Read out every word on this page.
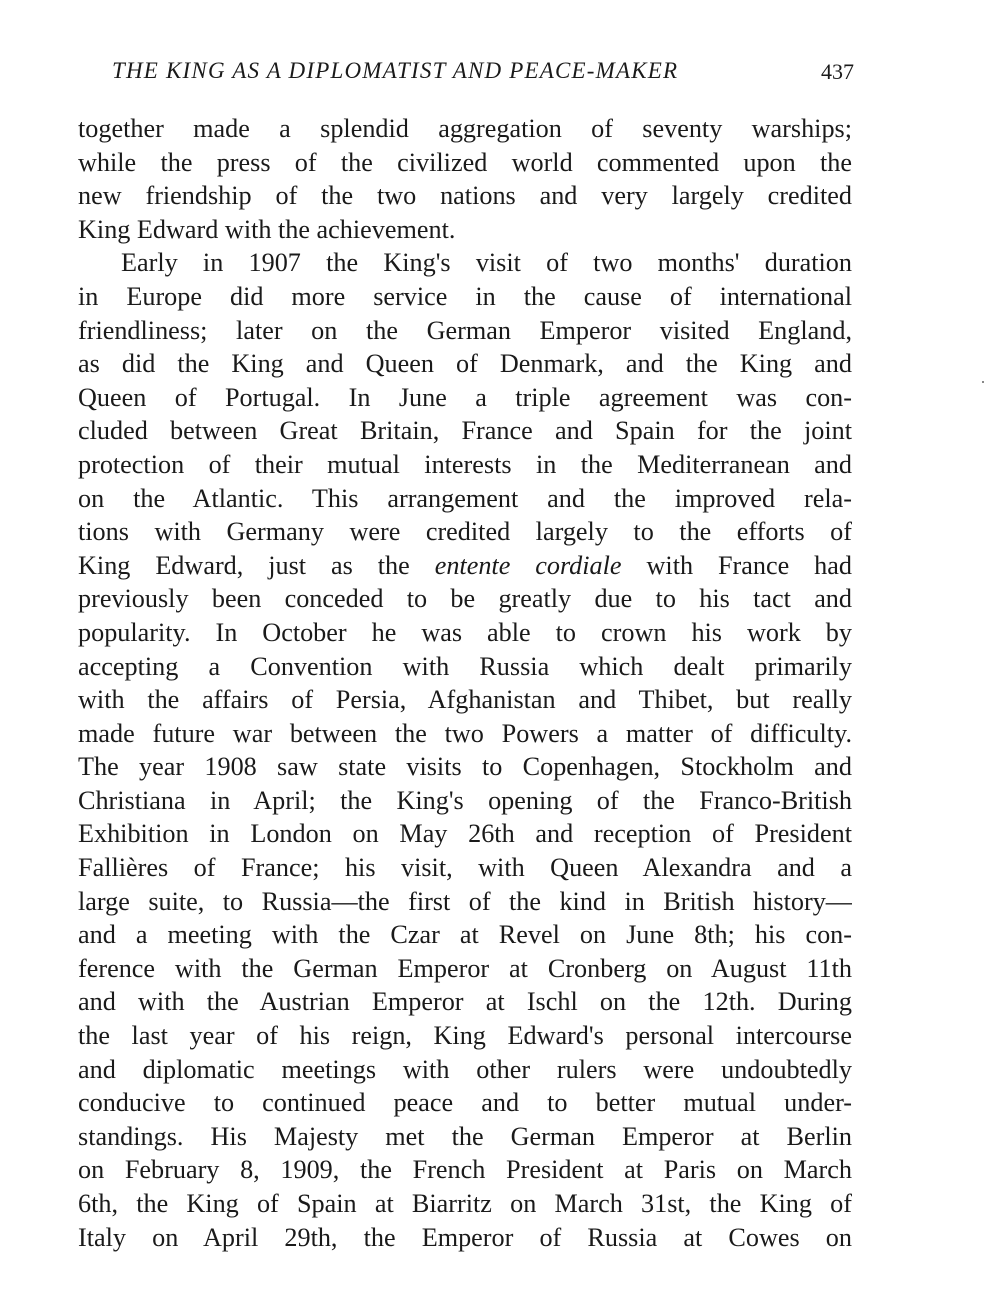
THE KING AS A DIPLOMATIST AND PEACE-MAKER	437
together made a splendid aggregation of seventy warships;
while the press of the civilized world commented upon the
new friendship of the two nations and very largely credited
King Edward with the achievement.
Early in 1907 the King's visit of two months' duration
in Europe did more service in the cause of international
friendliness; later on the German Emperor visited England,
as did the King and Queen of Denmark, and the King and
Queen of Portugal. In June a triple agreement was con-
cluded between Great Britain, France and Spain for the joint
protection of their mutual interests in the Mediterranean and
on the Atlantic. This arrangement and the improved rela-
tions with Germany were credited largely to the efforts of
King Edward, just as the entente cordiale with France had
previously been conceded to be greatly due to his tact and
popularity. In October he was able to crown his work by
accepting a Convention with Russia which dealt primarily
with the affairs of Persia, Afghanistan and Thibet, but really
made future war between the two Powers a matter of difficulty.
The year 1908 saw state visits to Copenhagen, Stockholm and
Christiana in April; the King's opening of the Franco-British
Exhibition in London on May 26th and reception of President
Fallières of France; his visit, with Queen Alexandra and a
large suite, to Russia—the first of the kind in British history—
and a meeting with the Czar at Revel on June 8th; his con-
ference with the German Emperor at Cronberg on August 11th
and with the Austrian Emperor at Ischl on the 12th. During
the last year of his reign, King Edward's personal intercourse
and diplomatic meetings with other rulers were undoubtedly
conducive to continued peace and to better mutual under-
standings. His Majesty met the German Emperor at Berlin
on February 8, 1909, the French President at Paris on March
6th, the King of Spain at Biarritz on March 31st, the King of
Italy on April 29th, the Emperor of Russia at Cowes on
